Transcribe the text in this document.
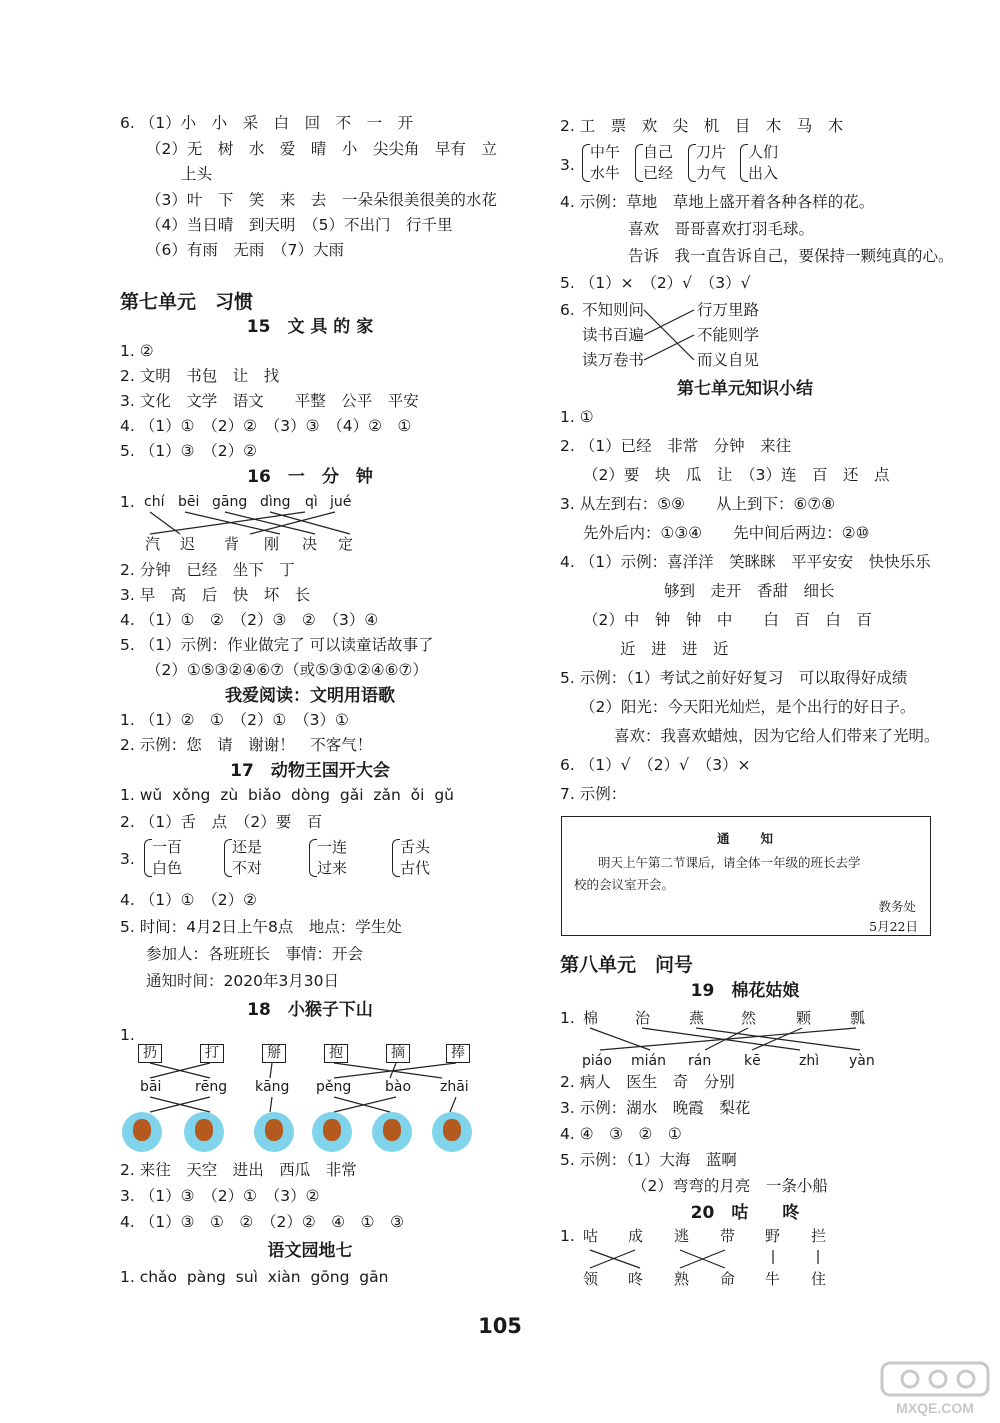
6. （1）小　小　采　白　回　不　一　开
（2）无　树　水　爱　晴　小　尖尖角　早有　立
上头
（3）叶　下　笑　来　去　一朵朵很美很美的水花
（4）当日晴　到天明　（5）不出门　行千里
（6）有雨　无雨　（7）大雨
第七单元　习惯
15　文 具 的 家
1. ②
2. 文明　书包　让　找
3. 文化　文学　语文　　平整　公平　平安
4. （1）①　（2）②　（3）③　（4）②　①
5. （1）③　（2）②
16　一　分　钟
1. chí bēi gāng dìng qì jué
汽 迟 背 刚 决 定
2. 分钟　已经　坐下　丁
3. 早　高　后　快　坏　长
4. （1）①　②　（2）③　②　（3）④
5. （1）示例：作业做完了 可以读童话故事了
（2）①⑤③②④⑥⑦（或⑤③①②④⑥⑦）
我爱阅读：文明用语歌
1. （1）②　①　（2）①　（3）①
2. 示例：您　请　谢谢！　不客气！
17　动物王国开大会
1. wǔ  xǒng  zù  biǎo  dòng  gǎi  zǎn  ǒi  gǔ
2. （1）舌　点　（2）要　百
3.
一百
白色
还是
不对
一连
过来
舌头
古代
4. （1）①　（2）②
5. 时间：4月2日上午8点　地点：学生处
参加人：各班班长　事情：开会
通知时间：2020年3月30日
18　小猴子下山
1.
扔	打	掰	抱	摘	捧
bāi rēng kāng pěng bào zhāi
2. 来往　天空　进出　西瓜　非常
3. （1）③　（2）①　（3）②
4. （1）③　①　②　（2）②　④　①　③
语文园地七
1. chǎo  pàng  suì  xiàn  gōng  gān
2. 工　票　欢　尖　机　目　木　马　木
3.
中午
水牛
自己
已经
刀片
力气
人们
出入
4. 示例：草地　草地上盛开着各种各样的花。
喜欢　哥哥喜欢打羽毛球。
告诉　我一直告诉自己，要保持一颗纯真的心。
5. （1）×　（2）√　（3）√
6. 不知则问
读书百遍
读万卷书
行万里路
不能则学
而义自见
第七单元知识小结
1. ①
2. （1）已经　非常　分钟　来往
（2）要　块　瓜　让　（3）连　百　还　点
3. 从左到右：⑤⑨　　从上到下：⑥⑦⑧
先外后内：①③④　　先中间后两边：②⑩
4. （1）示例：喜洋洋　笑眯眯　平平安安　快快乐乐
够到　走开　香甜　细长
（2）中　钟　钟　中　　白　百　白　百
近　进　进　近
5. 示例：（1）考试之前好好复习　可以取得好成绩
（2）阳光：今天阳光灿烂，是个出行的好日子。
喜欢：我喜欢蜡烛，因为它给人们带来了光明。
6. （1）√　（2）√　（3）×
7. 示例：
通　　知
明天上午第二节课后，请全体一年级的班长去学
校的会议室开会。
教务处
5月22日
第八单元　问号
19　棉花姑娘
1. 棉 治	燕 然	颗	瓢
piáo mián rán kē	zhì yàn
2. 病人　医生　奇　分别
3. 示例：湖水　晚霞　梨花
4. ④　③　②　①
5. 示例：（1）大海　蓝啊
（2）弯弯的月亮　一条小船
20　咕　　咚
1. 咕 成 逃 带 野 拦
领 咚 熟 命 牛 住
105
MXQE.COM
